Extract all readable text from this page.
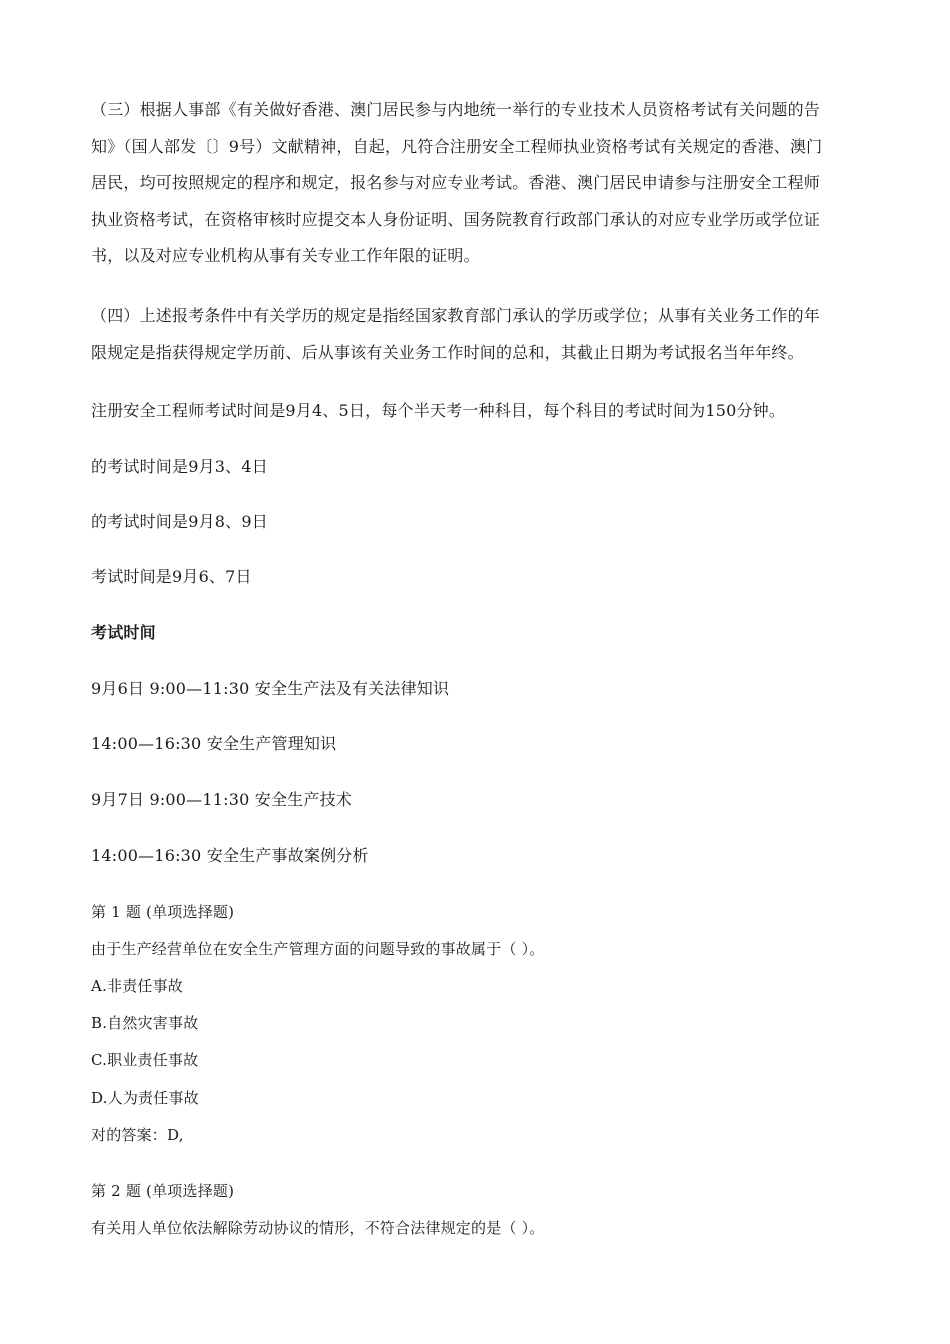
（三）根据人事部《有关做好香港、澳门居民参与内地统一举行的专业技术人员资格考试有关问题的告
知》（国人部发〔〕9号）文献精神，自起，凡符合注册安全工程师执业资格考试有关规定的香港、澳门
居民，均可按照规定的程序和规定，报名参与对应专业考试。香港、澳门居民申请参与注册安全工程师
执业资格考试，在资格审核时应提交本人身份证明、国务院教育行政部门承认的对应专业学历或学位证
书，以及对应专业机构从事有关专业工作年限的证明。
（四）上述报考条件中有关学历的规定是指经国家教育部门承认的学历或学位；从事有关业务工作的年
限规定是指获得规定学历前、后从事该有关业务工作时间的总和，其截止日期为考试报名当年年终。
注册安全工程师考试时间是9月4、5日，每个半天考一种科目，每个科目的考试时间为150分钟。
的考试时间是9月3、4日
的考试时间是9月8、9日
考试时间是9月6、7日
考试时间
9月6日 9:00—11:30 安全生产法及有关法律知识
14:00—16:30 安全生产管理知识
9月7日 9:00—11:30 安全生产技术
14:00—16:30 安全生产事故案例分析
第 1 题 (单项选择题)
由于生产经营单位在安全生产管理方面的问题导致的事故属于（ ）。
A.非责任事故
B.自然灾害事故
C.职业责任事故
D.人为责任事故
对的答案：D,
第 2 题 (单项选择题)
有关用人单位依法解除劳动协议的情形，不符合法律规定的是（ ）。
